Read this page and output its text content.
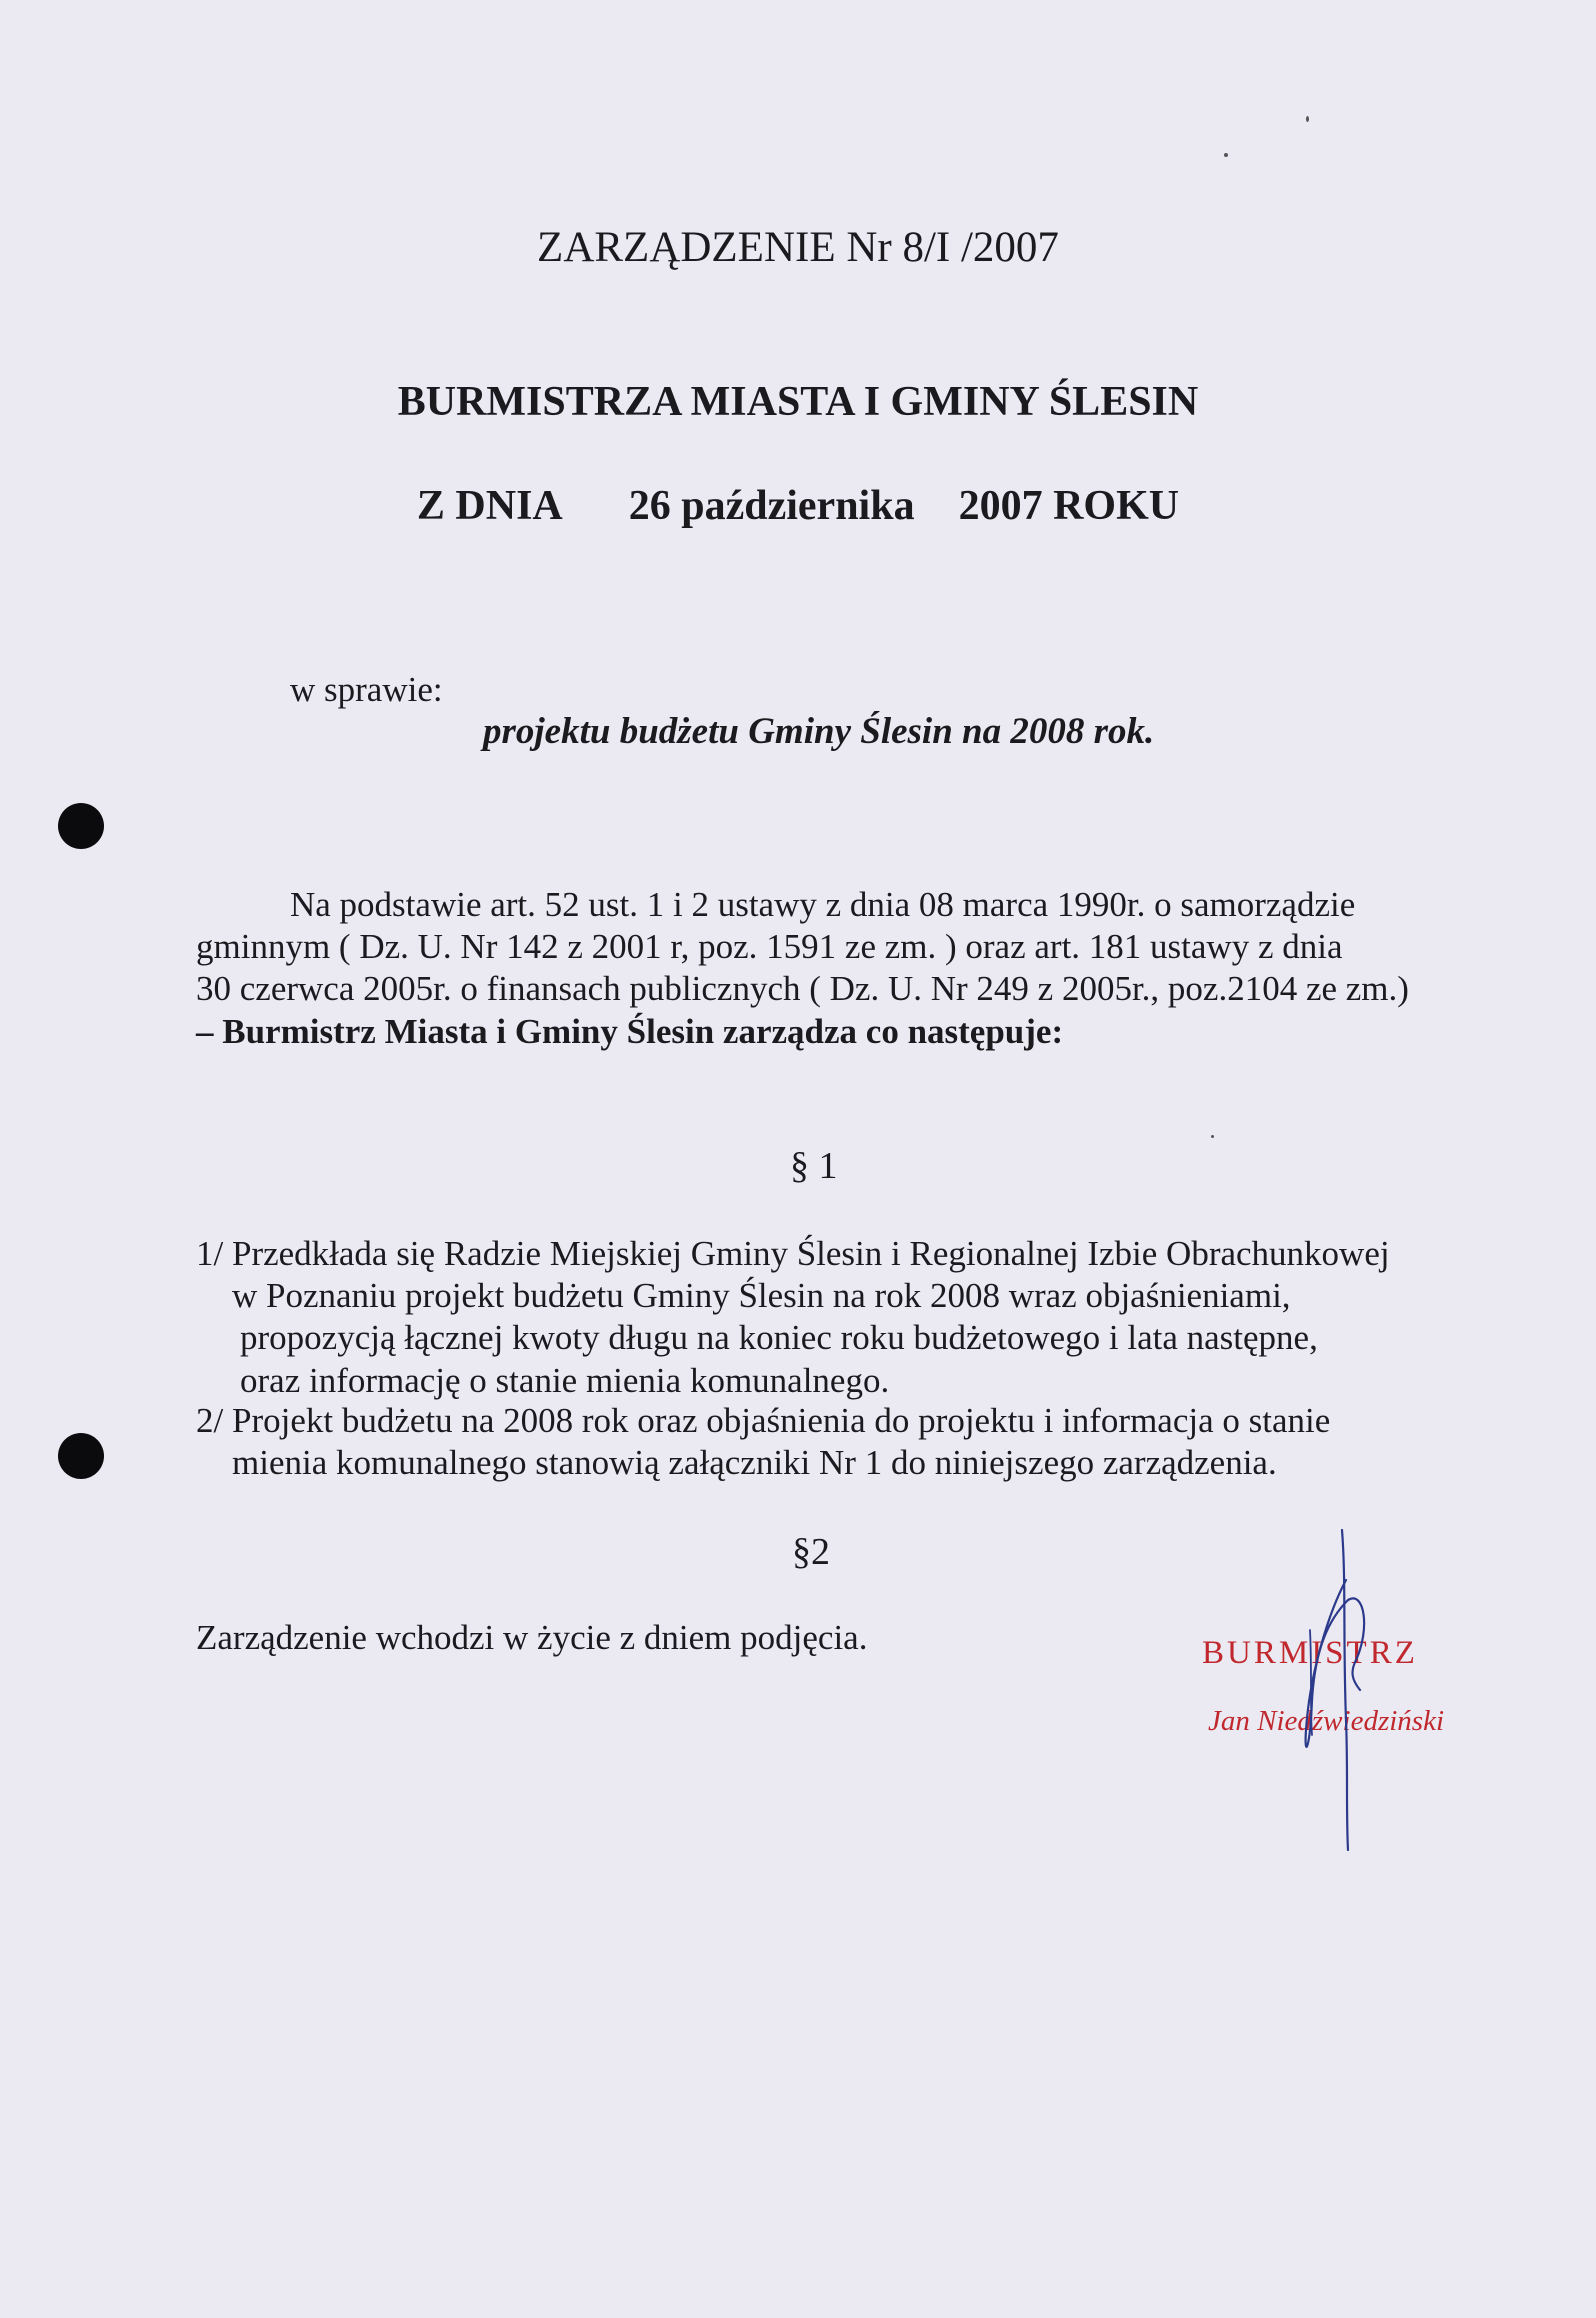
ZARZĄDZENIE Nr 8/I /2007
BURMISTRZA MIASTA I GMINY ŚLESIN
Z DNIA 26 października 2007 ROKU
w sprawie:
projektu budżetu Gminy Ślesin na 2008 rok.
Na podstawie art. 52 ust. 1 i 2 ustawy z dnia 08 marca 1990r. o samorządzie
gminnym ( Dz. U. Nr 142 z 2001 r, poz. 1591 ze zm. ) oraz art. 181 ustawy z dnia
30 czerwca 2005r. o finansach publicznych ( Dz. U. Nr 249 z 2005r., poz.2104 ze zm.)
– Burmistrz Miasta i Gminy Ślesin zarządza co następuje:
§ 1
1/ Przedkłada się Radzie Miejskiej Gminy Ślesin i Regionalnej Izbie Obrachunkowej
w Poznaniu projekt budżetu Gminy Ślesin na rok 2008 wraz objaśnieniami,
propozycją łącznej kwoty długu na koniec roku budżetowego i lata następne,
oraz informację o stanie mienia komunalnego.
2/ Projekt budżetu na 2008 rok oraz objaśnienia do projektu i informacja o stanie
mienia komunalnego stanowią załączniki Nr 1 do niniejszego zarządzenia.
§2
Zarządzenie wchodzi w życie z dniem podjęcia.	BURMISTRZ
Jan Niedźwiedziński
